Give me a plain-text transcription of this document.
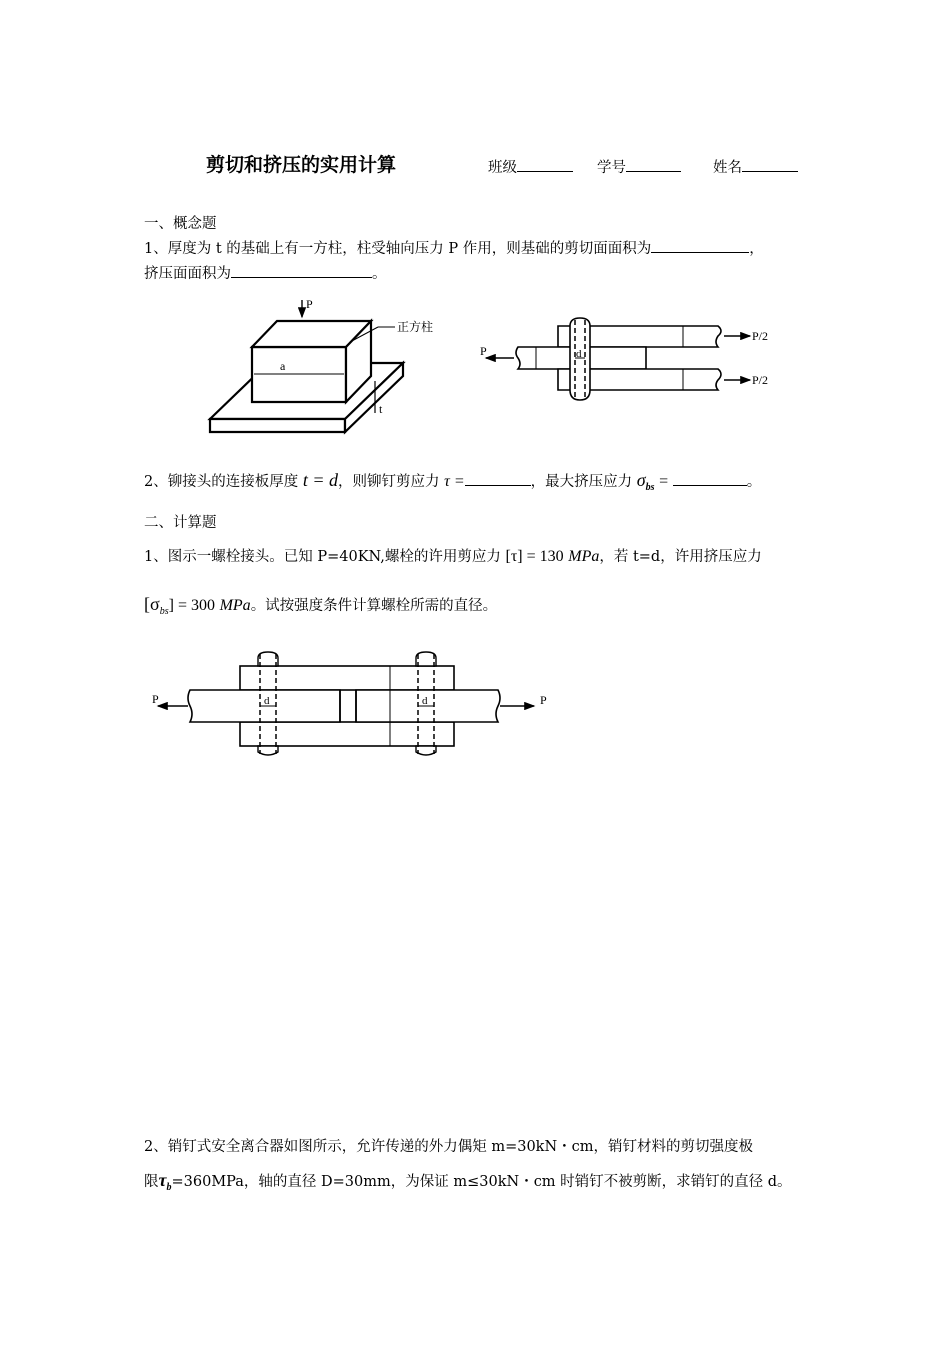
剪切和挤压的实用计算	班级	学号	姓名
一、概念题
1、厚度为 t 的基础上有一方柱，柱受轴向压力 P 作用，则基础的剪切面面积为	，
挤压面面积为	。
a
P
正方柱
t
d
P
P/2
P/2
2、铆接头的连接板厚度 t = d，则铆钉剪应力 τ =	，最大挤压应力 $\sigma_{bs}$ =	。
二、计算题
1、图示一螺栓接头。已知 P=40KN,螺栓的许用剪应力 [τ] = 130 MPa，若 t=d，许用挤压应力
$[\sigma_{bs}] = 300$ MPa。试按强度条件计算螺栓所需的直径。
d	d
P	P
2、销钉式安全离合器如图所示，允许传递的外力偶矩 m=30kN・cm，销钉材料的剪切强度极
限$\tau_b=360MPa$，轴的直径 D=30mm，为保证 m≤30kN・cm 时销钉不被剪断，求销钉的直径 d。
